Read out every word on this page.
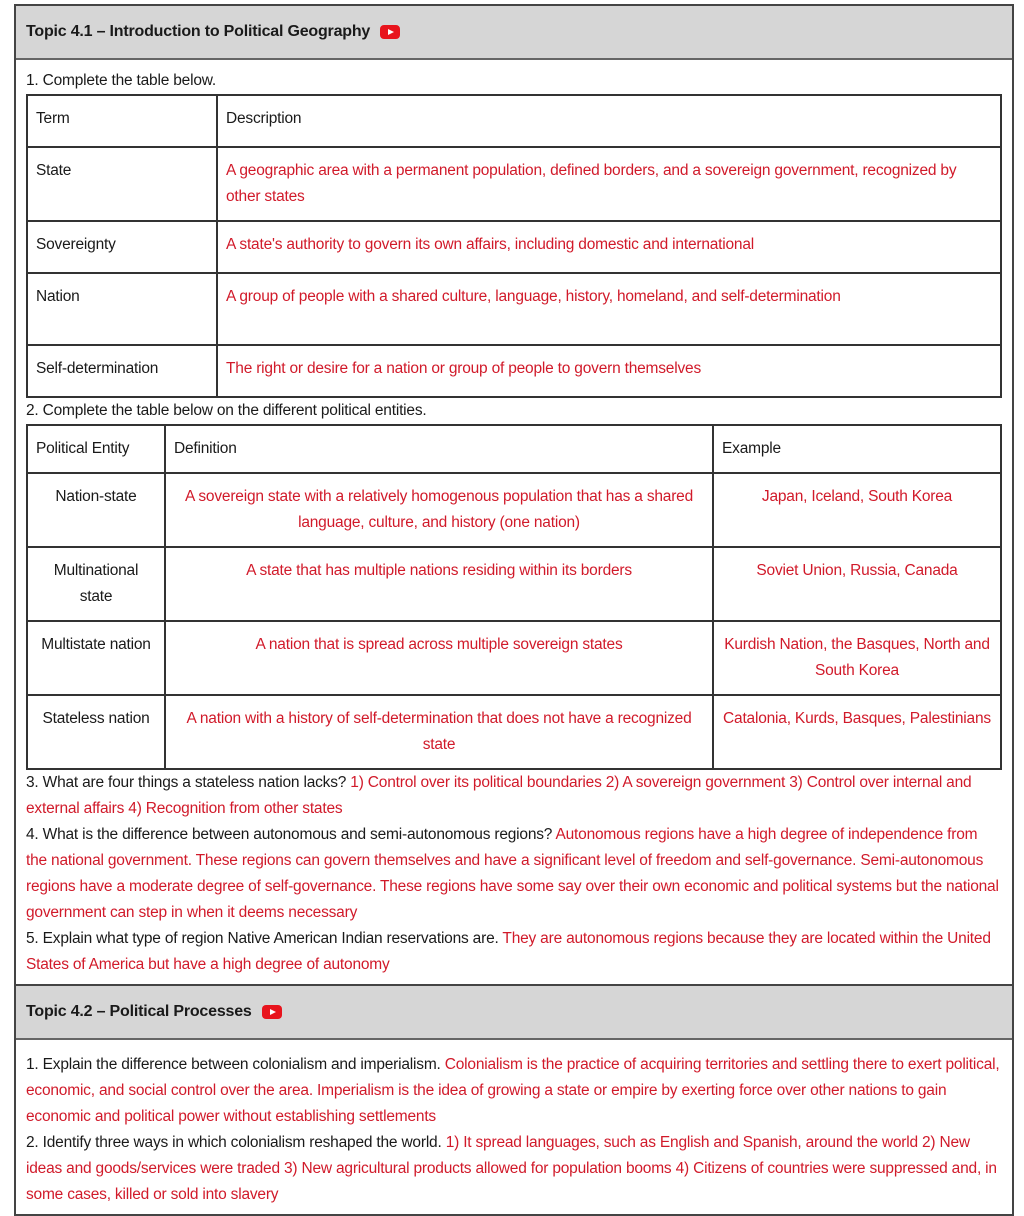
Topic 4.1 – Introduction to Political Geography

1. Complete the table below.

Term	Description
State	A geographic area with a permanent population, defined borders, and a sovereign government, recognized by other states
Sovereignty	A state's authority to govern its own affairs, including domestic and international
Nation	A group of people with a shared culture, language, history, homeland, and self-determination
Self-determination	The right or desire for a nation or group of people to govern themselves

2. Complete the table below on the different political entities.

Political Entity	Definition	Example
Nation-state	A sovereign state with a relatively homogenous population that has a shared language, culture, and history (one nation)	Japan, Iceland, South Korea
Multinational state	A state that has multiple nations residing within its borders	Soviet Union, Russia, Canada
Multistate nation	A nation that is spread across multiple sovereign states	Kurdish Nation, the Basques, North and South Korea
Stateless nation	A nation with a history of self-determination that does not have a recognized state	Catalonia, Kurds, Basques, Palestinians

3. What are four things a stateless nation lacks? 1) Control over its political boundaries 2) A sovereign government 3) Control over internal and external affairs 4) Recognition from other states

4. What is the difference between autonomous and semi-autonomous regions? Autonomous regions have a high degree of independence from the national government. These regions can govern themselves and have a significant level of freedom and self-governance. Semi-autonomous regions have a moderate degree of self-governance. These regions have some say over their own economic and political systems but the national government can step in when it deems necessary

5. Explain what type of region Native American Indian reservations are. They are autonomous regions because they are located within the United States of America but have a high degree of autonomy

Topic 4.2 – Political Processes

1. Explain the difference between colonialism and imperialism. Colonialism is the practice of acquiring territories and settling there to exert political, economic, and social control over the area. Imperialism is the idea of growing a state or empire by exerting force over other nations to gain economic and political power without establishing settlements

2. Identify three ways in which colonialism reshaped the world. 1) It spread languages, such as English and Spanish, around the world 2) New ideas and goods/services were traded 3) New agricultural products allowed for population booms 4) Citizens of countries were suppressed and, in some cases, killed or sold into slavery
